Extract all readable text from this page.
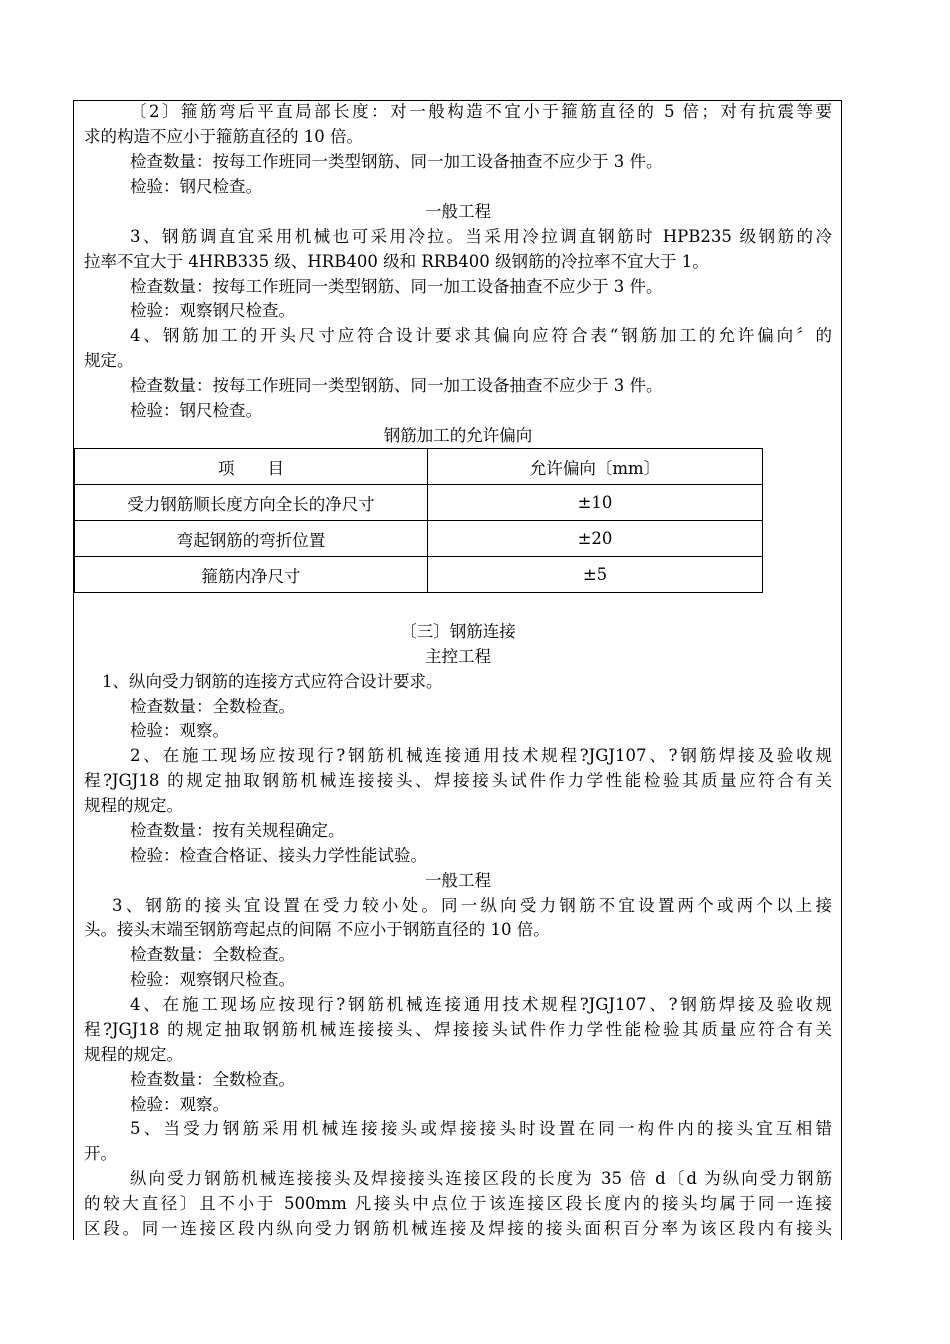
〔2〕箍筋弯后平直局部长度：对一般构造不宜小于箍筋直径的 5 倍；对有抗震等要
求的构造不应小于箍筋直径的 10 倍。
检查数量：按每工作班同一类型钢筋、同一加工设备抽查不应少于 3 件。
检验：钢尺检查。
一般工程
3、钢筋调直宜采用机械也可采用冷拉。当采用冷拉调直钢筋时 HPB235 级钢筋的冷
拉率不宜大于 4HRB335 级、HRB400 级和 RRB400 级钢筋的冷拉率不宜大于 1。
检查数量：按每工作班同一类型钢筋、同一加工设备抽查不应少于 3 件。
检验：观察钢尺检查。
4、钢筋加工的开头尺寸应符合设计要求其偏向应符合表“钢筋加工的允许偏向〞的
规定。
检查数量：按每工作班同一类型钢筋、同一加工设备抽查不应少于 3 件。
检验：钢尺检查。
钢筋加工的允许偏向
项　　目	允许偏向〔mm〕
受力钢筋顺长度方向全长的净尺寸	±10
弯起钢筋的弯折位置	±20
箍筋内净尺寸	±5
〔三〕钢筋连接
主控工程
1、纵向受力钢筋的连接方式应符合设计要求。
检查数量：全数检查。
检验：观察。
2、在施工现场应按现行?钢筋机械连接通用技术规程?JGJ107、?钢筋焊接及验收规
程?JGJ18 的规定抽取钢筋机械连接接头、焊接接头试件作力学性能检验其质量应符合有关
规程的规定。
检查数量：按有关规程确定。
检验：检查合格证、接头力学性能试验。
一般工程
3、钢筋的接头宜设置在受力较小处。同一纵向受力钢筋不宜设置两个或两个以上接
头。接头末端至钢筋弯起点的间隔 不应小于钢筋直径的 10 倍。
检查数量：全数检查。
检验：观察钢尺检查。
4、在施工现场应按现行?钢筋机械连接通用技术规程?JGJ107、?钢筋焊接及验收规
程?JGJ18 的规定抽取钢筋机械连接接头、焊接接头试件作力学性能检验其质量应符合有关
规程的规定。
检查数量：全数检查。
检验：观察。
5、当受力钢筋采用机械连接接头或焊接接头时设置在同一构件内的接头宜互相错
开。
纵向受力钢筋机械连接接头及焊接接头连接区段的长度为 35 倍 d〔d 为纵向受力钢筋
的较大直径〕且不小于 500mm 凡接头中点位于该连接区段长度内的接头均属于同一连接
区段。同一连接区段内纵向受力钢筋机械连接及焊接的接头面积百分率为该区段内有接头
